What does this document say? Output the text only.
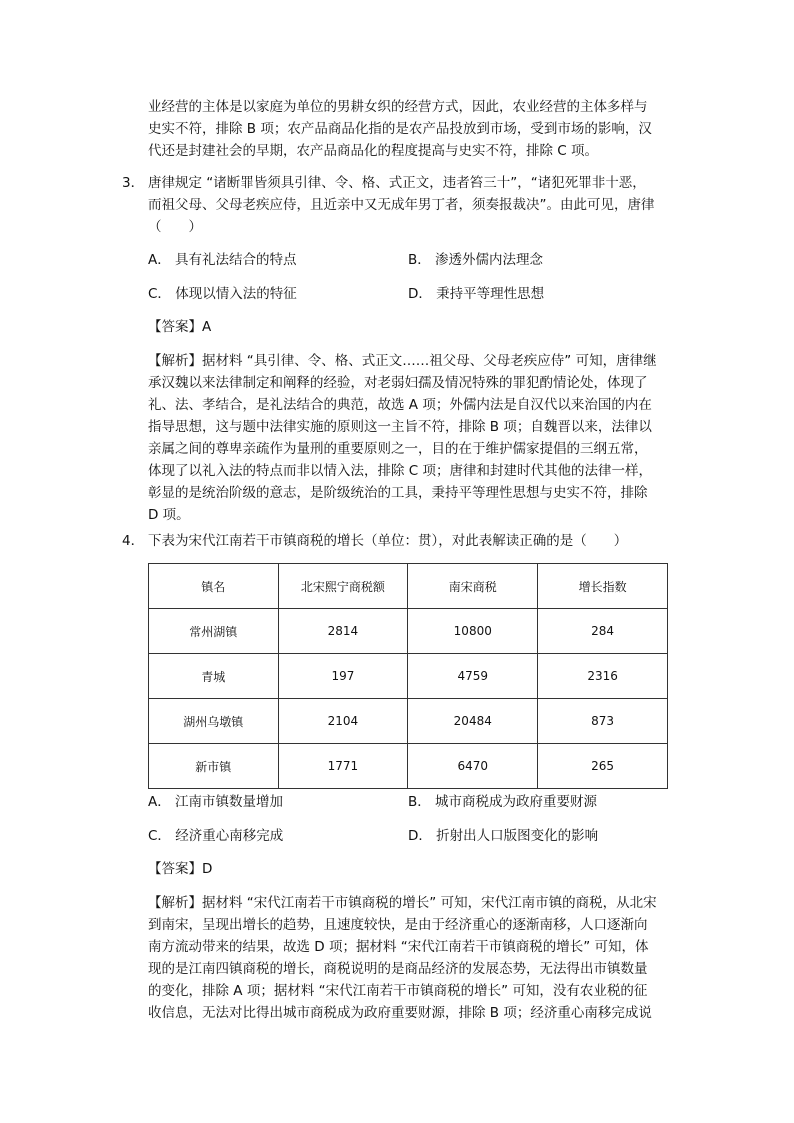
业经营的主体是以家庭为单位的男耕女织的经营方式，因此，农业经营的主体多样与
史实不符，排除 B 项；农产品商品化指的是农产品投放到市场，受到市场的影响，汉
代还是封建社会的早期，农产品商品化的程度提高与史实不符，排除 C 项。
3． 唐律规定 “诸断罪皆须具引律、令、格、式正文，违者笞三十”，“诸犯死罪非十恶，
而祖父母、父母老疾应侍，且近亲中又无成年男丁者，须奏报裁决”。由此可见，唐律
（　　）
A． 具有礼法结合的特点	B． 渗透外儒内法理念
C． 体现以情入法的特征	D． 秉持平等理性思想
【答案】A
【解析】据材料 “具引律、令、格、式正文……祖父母、父母老疾应侍” 可知，唐律继
承汉魏以来法律制定和阐释的经验，对老弱妇孺及情况特殊的罪犯酌情论处，体现了
礼、法、孝结合，是礼法结合的典范，故选 A 项；外儒内法是自汉代以来治国的内在
指导思想，这与题中法律实施的原则这一主旨不符，排除 B 项；自魏晋以来，法律以
亲属之间的尊卑亲疏作为量刑的重要原则之一，目的在于维护儒家提倡的三纲五常，
体现了以礼入法的特点而非以情入法，排除 C 项；唐律和封建时代其他的法律一样，
彰显的是统治阶级的意志，是阶级统治的工具，秉持平等理性思想与史实不符，排除
D 项。
4． 下表为宋代江南若干市镇商税的增长（单位：贯），对此表解读正确的是（　　）
镇名	北宋熙宁商税额	南宋商税	增长指数
常州湖镇	2814	10800	284
青城	197	4759	2316
湖州乌墩镇	2104	20484	873
新市镇	1771	6470	265
A． 江南市镇数量增加	B． 城市商税成为政府重要财源
C． 经济重心南移完成	D． 折射出人口版图变化的影响
【答案】D
【解析】据材料 “宋代江南若干市镇商税的增长” 可知，宋代江南市镇的商税，从北宋
到南宋，呈现出增长的趋势，且速度较快，是由于经济重心的逐渐南移，人口逐渐向
南方流动带来的结果，故选 D 项；据材料 “宋代江南若干市镇商税的增长” 可知，体
现的是江南四镇商税的增长，商税说明的是商品经济的发展态势，无法得出市镇数量
的变化，排除 A 项；据材料 “宋代江南若干市镇商税的增长” 可知，没有农业税的征
收信息，无法对比得出城市商税成为政府重要财源，排除 B 项；经济重心南移完成说
